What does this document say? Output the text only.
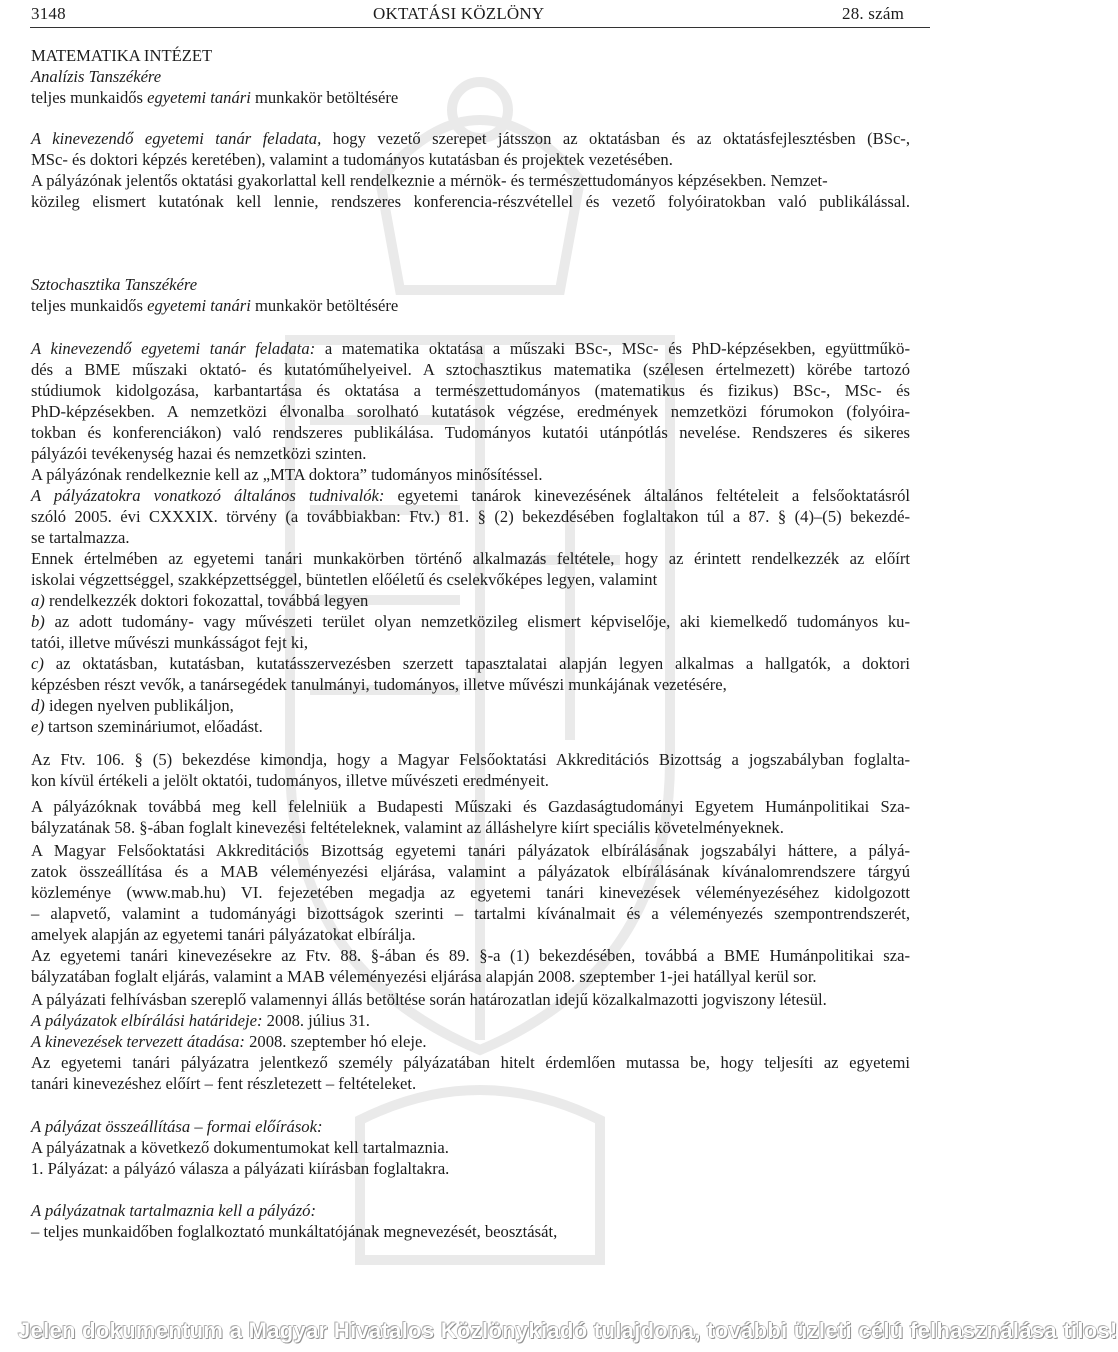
3148	OKTATÁSI KÖZLÖNY	28. szám
MATEMATIKA INTÉZET
Analízis Tanszékére
teljes munkaidős egyetemi tanári munkakör betöltésére
A kinevezendő egyetemi tanár feladata, hogy vezető szerepet játsszon az oktatásban és az oktatásfejlesztésben (BSc-,
MSc- és doktori képzés keretében), valamint a tudományos kutatásban és projektek vezetésében.
A pályázónak jelentős oktatási gyakorlattal kell rendelkeznie a mérnök- és természettudományos képzésekben. Nemzet-
közileg elismert kutatónak kell lennie, rendszeres konferencia-részvétellel és vezető folyóiratokban való publikálással.
Sztochasztika Tanszékére
teljes munkaidős egyetemi tanári munkakör betöltésére
A kinevezendő egyetemi tanár feladata: a matematika oktatása a műszaki BSc-, MSc- és PhD-képzésekben, együttműkö-
dés a BME műszaki oktató- és kutatóműhelyeivel. A sztochasztikus matematika (szélesen értelmezett) körébe tartozó
stúdiumok kidolgozása, karbantartása és oktatása a természettudományos (matematikus és fizikus) BSc-, MSc- és
PhD-képzésekben. A nemzetközi élvonalba sorolható kutatások végzése, eredmények nemzetközi fórumokon (folyóira-
tokban és konferenciákon) való rendszeres publikálása. Tudományos kutatói utánpótlás nevelése. Rendszeres és sikeres
pályázói tevékenység hazai és nemzetközi szinten.
A pályázónak rendelkeznie kell az „MTA doktora” tudományos minősítéssel.
A pályázatokra vonatkozó általános tudnivalók: egyetemi tanárok kinevezésének általános feltételeit a felsőoktatásról
szóló 2005. évi CXXXIX. törvény (a továbbiakban: Ftv.) 81. § (2) bekezdésében foglaltakon túl a 87. § (4)–(5) bekezdé-
se tartalmazza.
Ennek értelmében az egyetemi tanári munkakörben történő alkalmazás feltétele, hogy az érintett rendelkezzék az előírt
iskolai végzettséggel, szakképzettséggel, büntetlen előéletű és cselekvőképes legyen, valamint
a) rendelkezzék doktori fokozattal, továbbá legyen
b) az adott tudomány- vagy művészeti terület olyan nemzetközileg elismert képviselője, aki kiemelkedő tudományos ku-
tatói, illetve művészi munkásságot fejt ki,
c) az oktatásban, kutatásban, kutatásszervezésben szerzett tapasztalatai alapján legyen alkalmas a hallgatók, a doktori
képzésben részt vevők, a tanársegédek tanulmányi, tudományos, illetve művészi munkájának vezetésére,
d) idegen nyelven publikáljon,
e) tartson szemináriumot, előadást.
Az Ftv. 106. § (5) bekezdése kimondja, hogy a Magyar Felsőoktatási Akkreditációs Bizottság a jogszabályban foglalta-
kon kívül értékeli a jelölt oktatói, tudományos, illetve művészeti eredményeit.
A pályázóknak továbbá meg kell felelniük a Budapesti Műszaki és Gazdaságtudományi Egyetem Humánpolitikai Sza-
bályzatának 58. §-ában foglalt kinevezési feltételeknek, valamint az álláshelyre kiírt speciális követelményeknek.
A Magyar Felsőoktatási Akkreditációs Bizottság egyetemi tanári pályázatok elbírálásának jogszabályi háttere, a pályá-
zatok összeállítása és a MAB véleményezési eljárása, valamint a pályázatok elbírálásának kívánalomrendszere tárgyú
közleménye (www.mab.hu) VI. fejezetében megadja az egyetemi tanári kinevezések véleményezéséhez kidolgozott
– alapvető, valamint a tudományági bizottságok szerinti – tartalmi kívánalmait és a véleményezés szempontrendszerét,
amelyek alapján az egyetemi tanári pályázatokat elbírálja.
Az egyetemi tanári kinevezésekre az Ftv. 88. §-ában és 89. §-a (1) bekezdésében, továbbá a BME Humánpolitikai sza-
bályzatában foglalt eljárás, valamint a MAB véleményezési eljárása alapján 2008. szeptember 1-jei hatállyal kerül sor.
A pályázati felhívásban szereplő valamennyi állás betöltése során határozatlan idejű közalkalmazotti jogviszony létesül.
A pályázatok elbírálási határideje: 2008. július 31.
A kinevezések tervezett átadása: 2008. szeptember hó eleje.
Az egyetemi tanári pályázatra jelentkező személy pályázatában hitelt érdemlően mutassa be, hogy teljesíti az egyetemi
tanári kinevezéshez előírt – fent részletezett – feltételeket.
A pályázat összeállítása – formai előírások:
A pályázatnak a következő dokumentumokat kell tartalmaznia.
1. Pályázat: a pályázó válasza a pályázati kiírásban foglaltakra.
A pályázatnak tartalmaznia kell a pályázó:
– teljes munkaidőben foglalkoztató munkáltatójának megnevezését, beosztását,
Jelen dokumentum a Magyar Hivatalos Közlönykiadó tulajdona, további üzleti célú felhasználása tilos!
